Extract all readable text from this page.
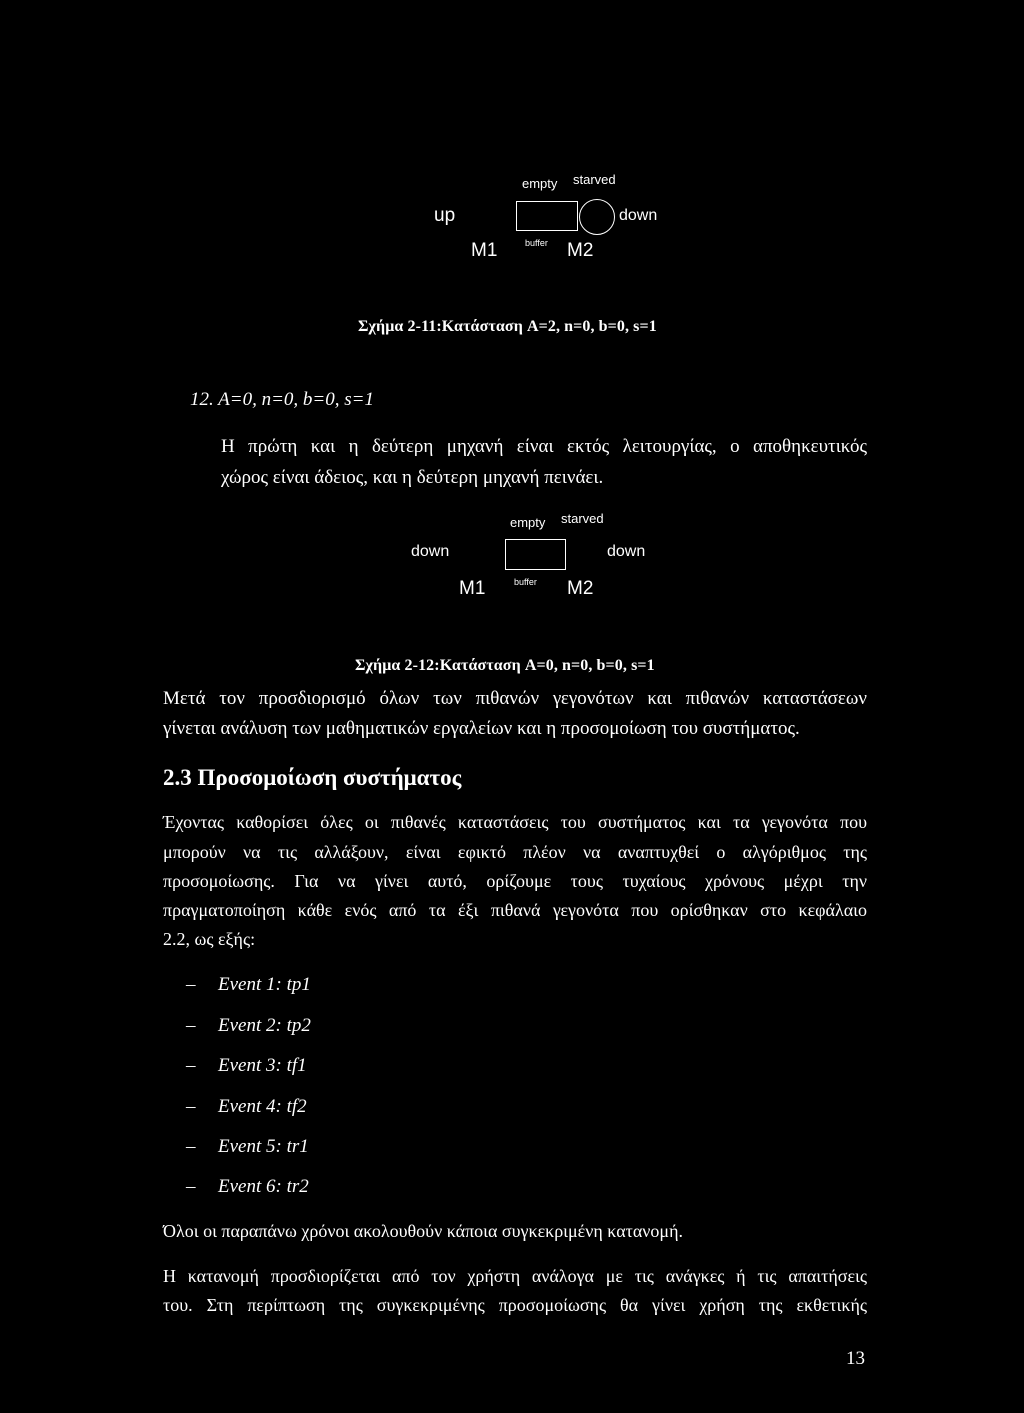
empty starved
up	down
M1	buffer M2
Σχήμα 2-11:Κατάσταση A=2, n=0, b=0, s=1
12. A=0, n=0, b=0, s=1
Η πρώτη και η δεύτερη μηχανή είναι εκτός λειτουργίας, ο αποθηκευτικός
χώρος είναι άδειος, και η δεύτερη μηχανή πεινάει.
empty starved
down	down
M1	buffer M2
Σχήμα 2-12:Κατάσταση A=0, n=0, b=0, s=1
Μετά τον προσδιορισμό όλων των πιθανών γεγονότων και πιθανών καταστάσεων
γίνεται ανάλυση των μαθηματικών εργαλείων και η προσομοίωση του συστήματος.
2.3 Προσομοίωση συστήματος
Έχοντας καθορίσει όλες οι πιθανές καταστάσεις του συστήματος και τα γεγονότα που
μπορούν να τις αλλάξουν, είναι εφικτό πλέον να αναπτυχθεί ο αλγόριθμος της
προσομοίωσης. Για να γίνει αυτό, ορίζουμε τους τυχαίους χρόνους μέχρι την
πραγματοποίηση κάθε ενός από τα έξι πιθανά γεγονότα που ορίσθηκαν στο κεφάλαιο
2.2, ως εξής:
– Event 1: tp1
– Event 2: tp2
– Event 3: tf1
– Event 4: tf2
– Event 5: tr1
– Event 6: tr2
Όλοι οι παραπάνω χρόνοι ακολουθούν κάποια συγκεκριμένη κατανομή.
Η κατανομή προσδιορίζεται από τον χρήστη ανάλογα με τις ανάγκες ή τις απαιτήσεις
του. Στη περίπτωση της συγκεκριμένης προσομοίωσης θα γίνει χρήση της εκθετικής
13
